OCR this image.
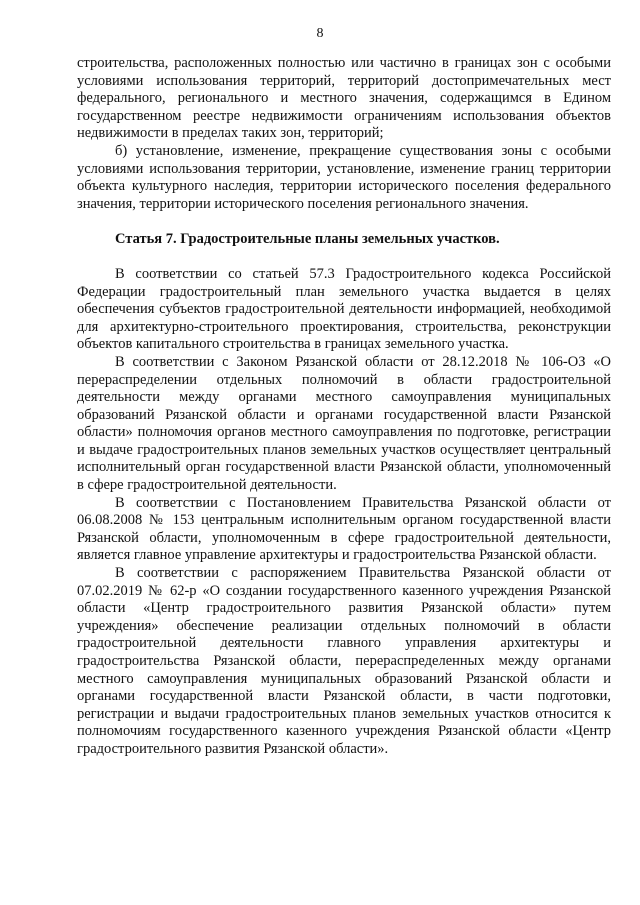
8

строительства, расположенных полностью или частично в границах зон с особыми условиями использования территорий, территорий достопримечательных мест федерального, регионального и местного значения, содержащимся в Едином государственном реестре недвижимости ограничениям использования объектов недвижимости в пределах таких зон, территорий;

б) установление, изменение, прекращение существования зоны с особыми условиями использования территории, установление, изменение границ территории объекта культурного наследия, территории исторического поселения федерального значения, территории исторического поселения регионального значения.

Статья 7. Градостроительные планы земельных участков.

В соответствии со статьей 57.3 Градостроительного кодекса Российской Федерации градостроительный план земельного участка выдается в целях обеспечения субъектов градостроительной деятельности информацией, необходимой для архитектурно-строительного проектирования, строительства, реконструкции объектов капитального строительства в границах земельного участка.

В соответствии с Законом Рязанской области от 28.12.2018 № 106-ОЗ «О перераспределении отдельных полномочий в области градостроительной деятельности между органами местного самоуправления муниципальных образований Рязанской области и органами государственной власти Рязанской области» полномочия органов местного самоуправления по подготовке, регистрации и выдаче градостроительных планов земельных участков осуществляет центральный исполнительный орган государственной власти Рязанской области, уполномоченный в сфере градостроительной деятельности.

В соответствии с Постановлением Правительства Рязанской области от 06.08.2008 № 153 центральным исполнительным органом государственной власти Рязанской области, уполномоченным в сфере градостроительной деятельности, является главное управление архитектуры и градостроительства Рязанской области.

В соответствии с распоряжением Правительства Рязанской области от 07.02.2019 № 62-р «О создании государственного казенного учреждения Рязанской области «Центр градостроительного развития Рязанской области» путем учреждения» обеспечение реализации отдельных полномочий в области градостроительной деятельности главного управления архитектуры и градостроительства Рязанской области, перераспределенных между органами местного самоуправления муниципальных образований Рязанской области и органами государственной власти Рязанской области, в части подготовки, регистрации и выдачи градостроительных планов земельных участков относится к полномочиям государственного казенного учреждения Рязанской области «Центр градостроительного развития Рязанской области».
